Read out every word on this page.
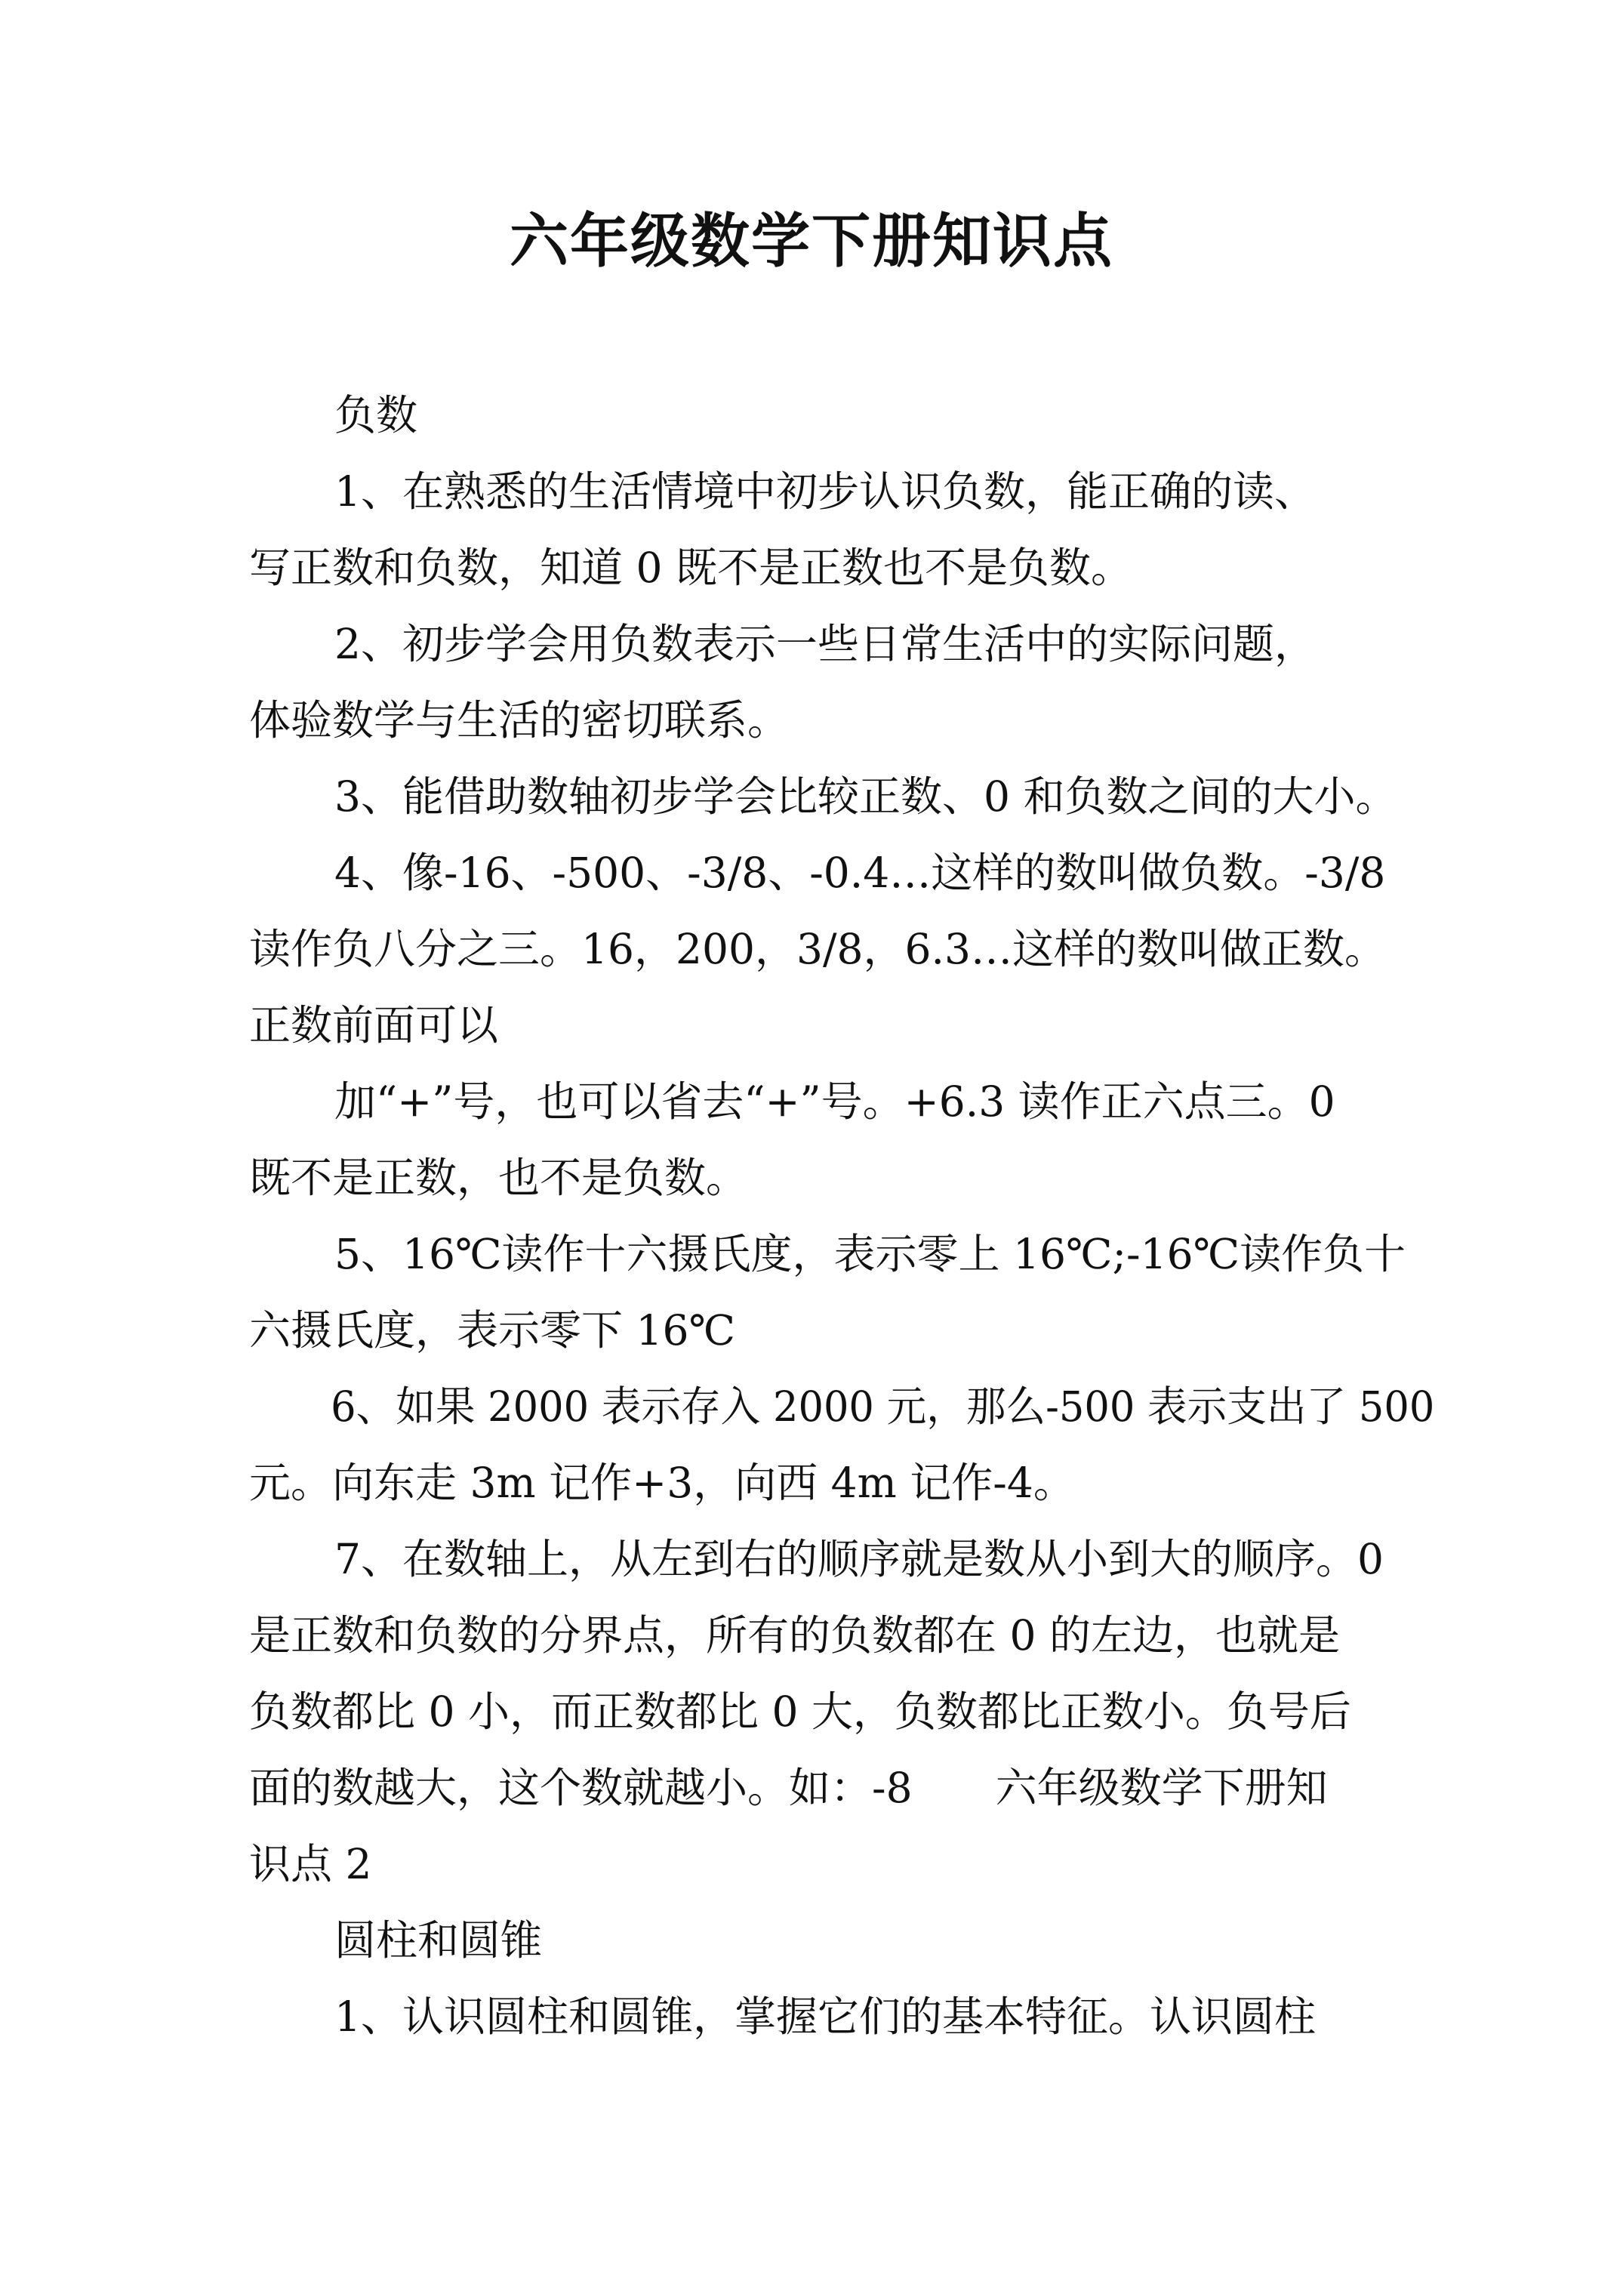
六年级数学下册知识点

负数

1、在熟悉的生活情境中初步认识负数，能正确的读、

写正数和负数，知道 0 既不是正数也不是负数。

2、初步学会用负数表示一些日常生活中的实际问题，

体验数学与生活的密切联系。

3、能借助数轴初步学会比较正数、0 和负数之间的大小。

4、像-16、-500、-3/8、-0.4…这样的数叫做负数。-3/8

读作负八分之三。16，200，3/8，6.3…这样的数叫做正数。

正数前面可以

加“+”号，也可以省去“+”号。+6.3 读作正六点三。0

既不是正数，也不是负数。

5、16℃读作十六摄氏度，表示零上 16℃;-16℃读作负十

六摄氏度，表示零下 16℃

6、如果 2000 表示存入 2000 元，那么-500 表示支出了 500

元。向东走 3m 记作+3，向西 4m 记作-4。

7、在数轴上，从左到右的顺序就是数从小到大的顺序。0

是正数和负数的分界点，所有的负数都在 0 的左边，也就是

负数都比 0 小，而正数都比 0 大，负数都比正数小。负号后

面的数越大，这个数就越小。如：-8　　六年级数学下册知

识点 2

圆柱和圆锥

1、认识圆柱和圆锥，掌握它们的基本特征。认识圆柱
